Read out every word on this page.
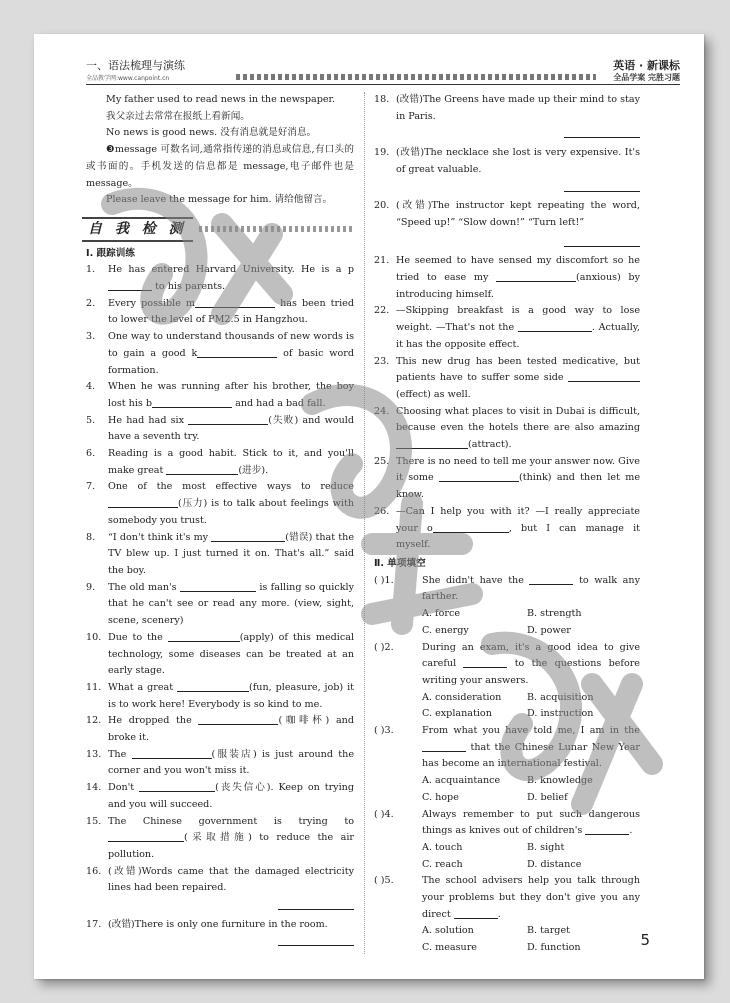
一、语法梳理与演练
全品教学网:www.canpoint.cn
英语 · 新课标
全品学案 完胜习题

My father used to read news in the newspaper.

我父亲过去常常在报纸上看新闻。

No news is good news. 没有消息就是好消息。

❸message 可数名词,通常指传递的消息或信息,有口头的或书面的。手机发送的信息都是 message,电子邮件也是 message。

Please leave the message for him. 请给他留言。

自 我 检 测
Ⅰ. 跟踪训练

1. He has entered Harvard University. He is a p to his parents.

2. Every possible m	has been tried to lower the level of PM2.5 in Hangzhou.

3. One way to understand thousands of new words is to gain a good k	of basic word formation.

4. When he was running after his brother, the boy lost his b	and had a bad fall.

5. He had had six	(失败) and would have a seventh try.

6. Reading is a good habit. Stick to it, and you'll make great	(进步).

7. One of the most effective ways to reduce (压力) is to talk about feelings with somebody you trust.

8. “I don't think it's my	(错误) that the TV blew up. I just turned it on. That's all.” said the boy.

9. The old man's	is falling so quickly that he can't see or read any more. (view, sight, scene, scenery)

10. Due to the	(apply) of this medical technology, some diseases can be treated at an early stage.

11. What a great	(fun, pleasure, job) it is to work here! Everybody is so kind to me.

12. He dropped the	(咖啡杯) and broke it.

13. The	(服装店) is just around the corner and you won't miss it.

14. Don't	(丧失信心). Keep on trying and you will succeed.

15. The Chinese government is trying to (采取措施) to reduce the air pollution.

16. (改错)Words came that the damaged electricity lines had been repaired.

17. (改错)There is only one furniture in the room.

18. (改错)The Greens have made up their mind to stay in Paris.

19. (改错)The necklace she lost is very expensive. It's of great valuable.

20. (改错)The instructor kept repeating the word, “Speed up!” “Slow down!” “Turn left!”

21. He seemed to have sensed my discomfort so he tried to ease my	(anxious) by introducing himself.

22. —Skipping breakfast is a good way to lose weight. —That's not the	. Actually, it has the opposite effect.

23. This new drug has been tested medicative, but patients have to suffer some side (effect) as well.

24. Choosing what places to visit in Dubai is difficult, because even the hotels there are also amazing (attract).

25. There is no need to tell me your answer now. Give it some	(think) and then let me know.

26. —Can I help you with it? —I really appreciate your o	, but I can manage it myself.

Ⅱ. 单项填空

( )1.	She didn't have the	to walk any farther.

A. force	B. strength
C. energy	D. power

( )2.	During an exam, it's a good idea to give careful	to the questions before writing your answers.

A. consideration	B. acquisition
C. explanation	D. instruction

( )3.	From what you have told me, I am in the  that the Chinese Lunar New Year has become an international festival.

A. acquaintance	B. knowledge
C. hope	D. belief

( )4.	Always remember to put such dangerous things as knives out of children's	.

A. touch	B. sight
C. reach	D. distance

( )5.	The school advisers help you talk through your problems but they don't give you any direct	.

A. solution	B. target
C. measure	D. function	5
